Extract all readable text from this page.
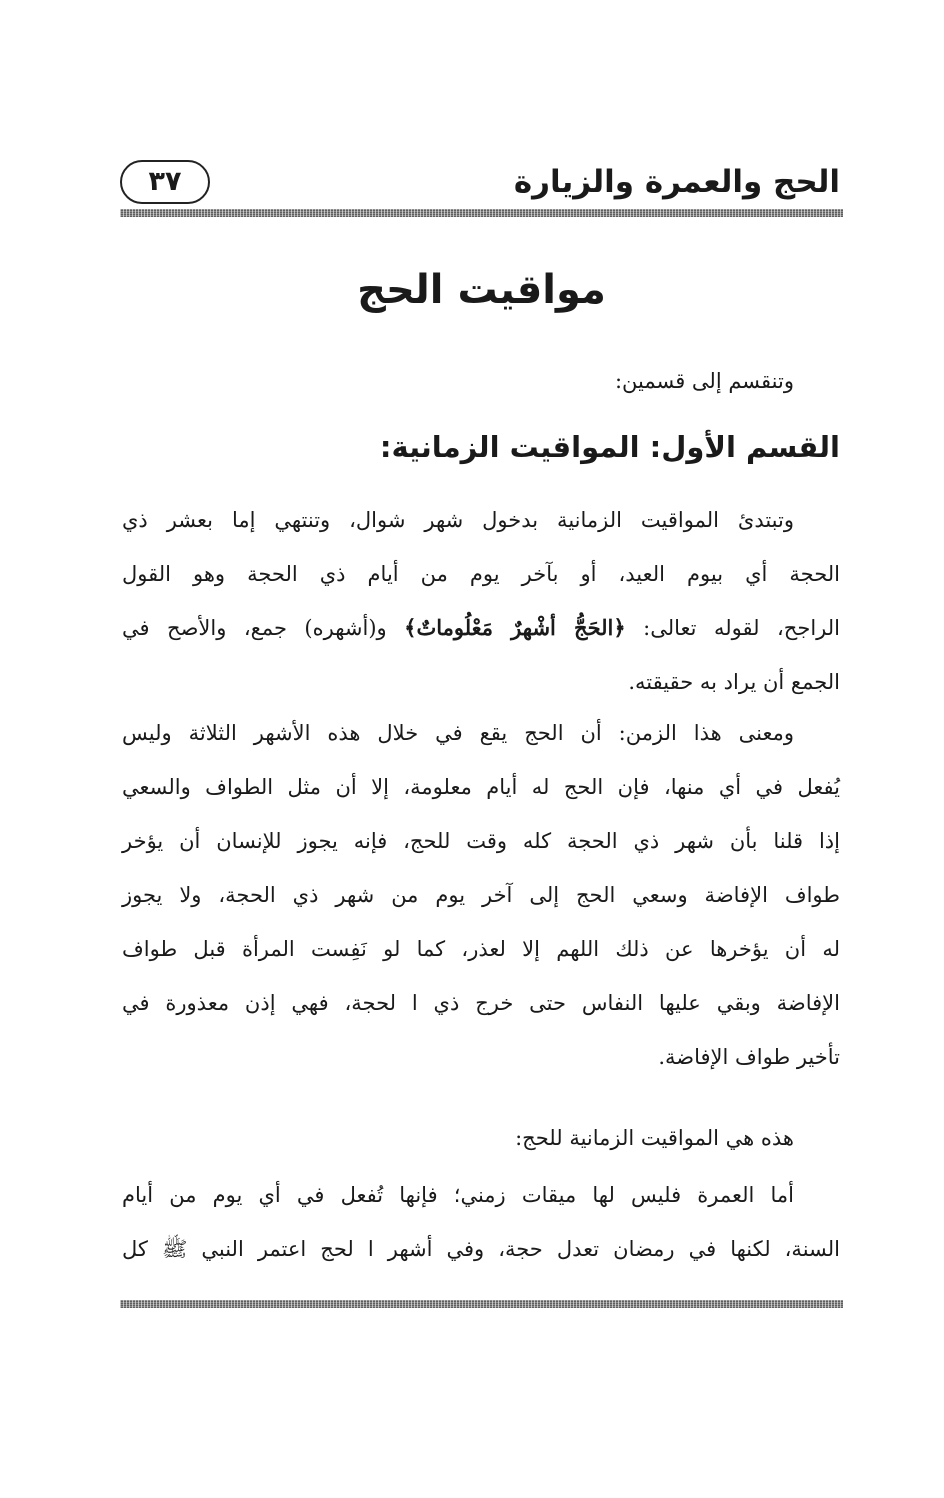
الحج والعمرة والزيارة
٣٧
مواقيت الحج
وتنقسم إلى قسمين:
القسم الأول: المواقيت الزمانية:
وتبتدئ المواقيت الزمانية بدخول شهر شوال، وتنتهي إما بعشر ذي
الحجة أي بيوم العيد، أو بآخر يوم من أيام ذي الحجة وهو القول
الراجح، لقوله تعالى: ﴿الحَجُّ أشْهرٌ مَعْلُوماتٌ﴾ و(أشهره) جمع، والأصح في
الجمع أن يراد به حقيقته.
ومعنى هذا الزمن: أن الحج يقع في خلال هذه الأشهر الثلاثة وليس
يُفعل في أي منها، فإن الحج له أيام معلومة، إلا أن مثل الطواف والسعي
إذا قلنا بأن شهر ذي الحجة كله وقت للحج، فإنه يجوز للإنسان أن يؤخر
طواف الإفاضة وسعي الحج إلى آخر يوم من شهر ذي الحجة، ولا يجوز
له أن يؤخرها عن ذلك اللهم إلا لعذر، كما لو نَفِست المرأة قبل طواف
الإفاضة وبقي عليها النفاس حتى خرج ذي ا لحجة، فهي إذن معذورة في
تأخير طواف الإفاضة.
هذه هي المواقيت الزمانية للحج:
أما العمرة فليس لها ميقات زمني؛ فإنها تُفعل في أي يوم من أيام
السنة، لكنها في رمضان تعدل حجة، وفي أشهر ا لحج اعتمر النبي ﷺ كل
